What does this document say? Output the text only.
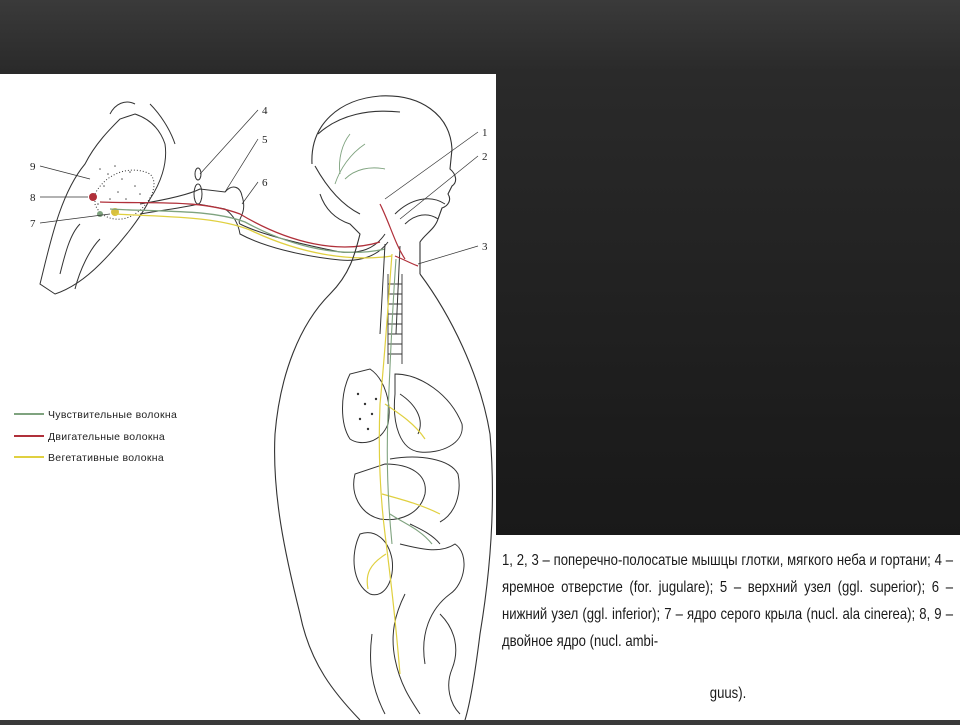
1
2
3
4
5
6
7
8
9
Чувствительные волокна
Двигательные волокна
Вегетативные волокна
1, 2, 3 – поперечно-полосатые мышцы глотки, мягкого неба и гортани; 4 – яремное отверстие (for. jugulare); 5 – верхний узел (ggl. superior); 6 – нижний узел (ggl. inferior); 7 – ядро серого крыла (nucl. ala cinerea); 8, 9 – двойное ядро (nucl. ambi-
guus).
